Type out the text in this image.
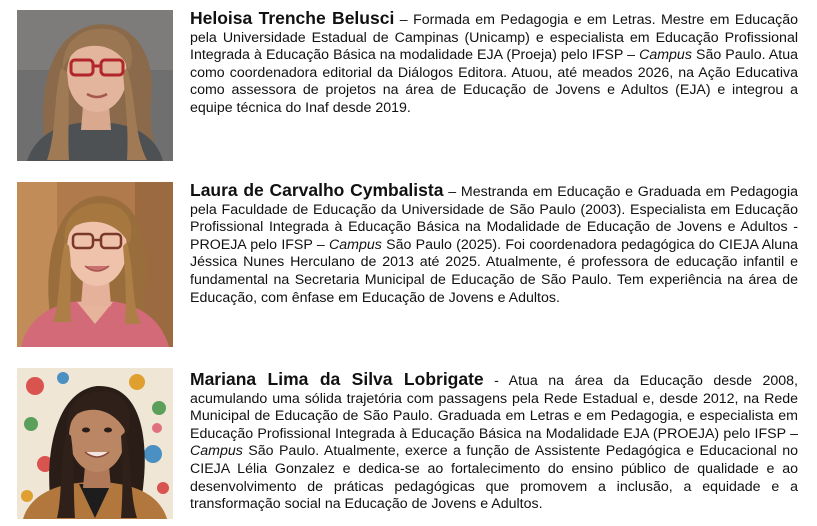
Heloisa Trenche Belusci – Formada em Pedagogia e em Letras. Mestre em Educação pela Universidade Estadual de Campinas (Unicamp) e especialista em Educação Profissional Integrada à Educação Básica na modalidade EJA (Proeja) pelo IFSP – Campus São Paulo. Atua como coordenadora editorial da Diálogos Editora. Atuou, até meados 2026, na Ação Educativa como assessora de projetos na área de Educação de Jovens e Adultos (EJA) e integrou a equipe técnica do Inaf desde 2019.
Laura de Carvalho Cymbalista – Mestranda em Educação e Graduada em Pedagogia pela Faculdade de Educação da Universidade de São Paulo (2003). Especialista em Educação Profissional Integrada à Educação Básica na Modalidade de Educação de Jovens e Adultos - PROEJA pelo IFSP – Campus São Paulo (2025). Foi coordenadora pedagógica do CIEJA Aluna Jéssica Nunes Herculano de 2013 até 2025. Atualmente, é professora de educação infantil e fundamental na Secretaria Municipal de Educação de São Paulo. Tem experiência na área de Educação, com ênfase em Educação de Jovens e Adultos.
Mariana Lima da Silva Lobrigate - Atua na área da Educação desde 2008, acumulando uma sólida trajetória com passagens pela Rede Estadual e, desde 2012, na Rede Municipal de Educação de São Paulo. Graduada em Letras e em Pedagogia, e especialista em Educação Profissional Integrada à Educação Básica na Modalidade EJA (PROEJA) pelo IFSP – Campus São Paulo. Atualmente, exerce a função de Assistente Pedagógica e Educacional no CIEJA Lélia Gonzalez e dedica-se ao fortalecimento do ensino público de qualidade e ao desenvolvimento de práticas pedagógicas que promovem a inclusão, a equidade e a transformação social na Educação de Jovens e Adultos.
